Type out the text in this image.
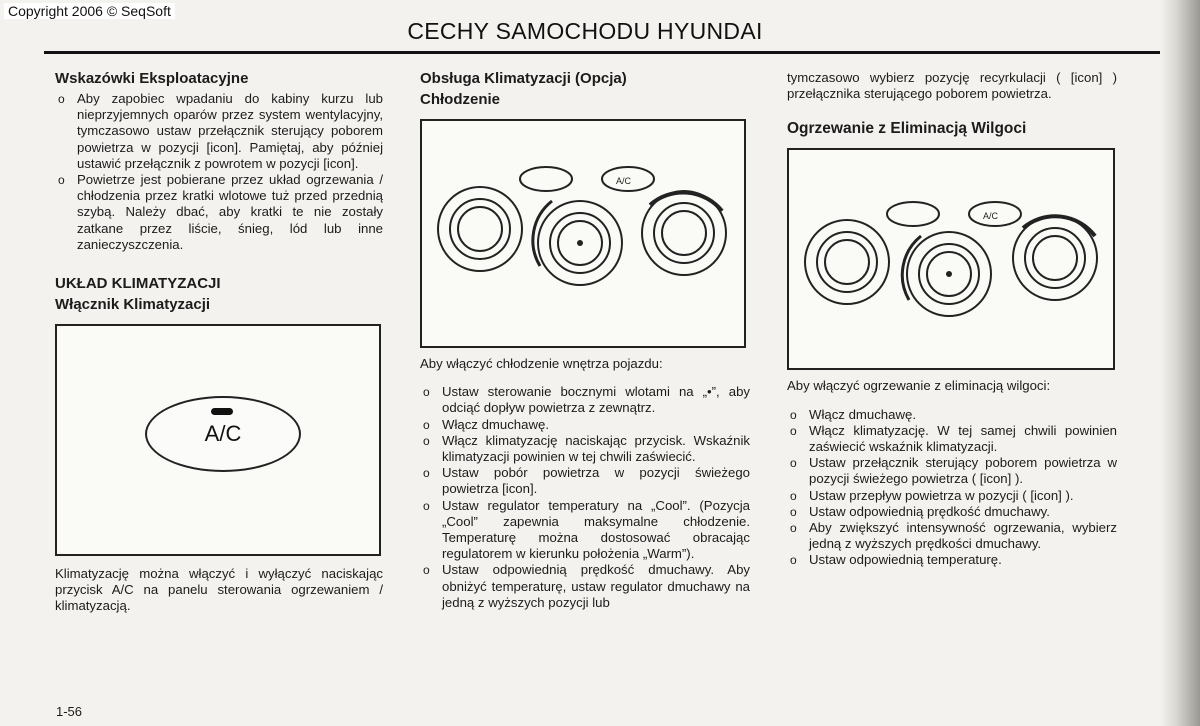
Copyright 2006 © SeqSoft
CECHY SAMOCHODU HYUNDAI
Wskazówki Eksploatacyjne
o Aby zapobiec wpadaniu do kabiny kurzu lub nieprzyjemnych oparów przez system wentylacyjny, tymczasowo ustaw przełącznik sterujący poborem powietrza w pozycji [icon]. Pamiętaj, aby później ustawić przełącznik z powrotem w pozycji [icon].
o Powietrze jest pobierane przez układ ogrzewania / chłodzenia przez kratki wlotowe tuż przed przednią szybą. Należy dbać, aby kratki te nie zostały zatkane przez liście, śnieg, lód lub inne zanieczyszczenia.
UKŁAD KLIMATYZACJI
Włącznik Klimatyzacji
A/C

Klimatyzację można włączyć i wyłączyć naciskając przycisk A/C na panelu sterowania ogrzewaniem / klimatyzacją.

Obsługa Klimatyzacji (Opcja)
Chłodzenie
A/C

Aby włączyć chłodzenie wnętrza pojazdu:

o Ustaw sterowanie bocznymi wlotami na „•”, aby odciąć dopływ powietrza z zewnątrz.
o Włącz dmuchawę.
o Włącz klimatyzację naciskając przycisk. Wskaźnik klimatyzacji powinien w tej chwili zaświecić.
o Ustaw pobór powietrza w pozycji świeżego powietrza [icon].
o Ustaw regulator temperatury na „Cool”. (Pozycja „Cool” zapewnia maksymalne chłodzenie. Temperaturę można dostosować obracając regulatorem w kierunku położenia „Warm”).
o Ustaw odpowiednią prędkość dmuchawy. Aby obniżyć temperaturę, ustaw regulator dmuchawy na jedną z wyższych pozycji lub

tymczasowo wybierz pozycję recyrkulacji ( [icon] ) przełącznika sterującego poborem powietrza.

Ogrzewanie z Eliminacją Wilgoci
A/C

Aby włączyć ogrzewanie z eliminacją wilgoci:

o Włącz dmuchawę.
o Włącz klimatyzację. W tej samej chwili powinien zaświecić wskaźnik klimatyzacji.
o Ustaw przełącznik sterujący poborem powietrza w pozycji świeżego powietrza ( [icon] ).
o Ustaw przepływ powietrza w pozycji ( [icon] ).
o Ustaw odpowiednią prędkość dmuchawy.
o Aby zwiększyć intensywność ogrzewania, wybierz jedną z wyższych prędkości dmuchawy.
o Ustaw odpowiednią temperaturę.
1-56
